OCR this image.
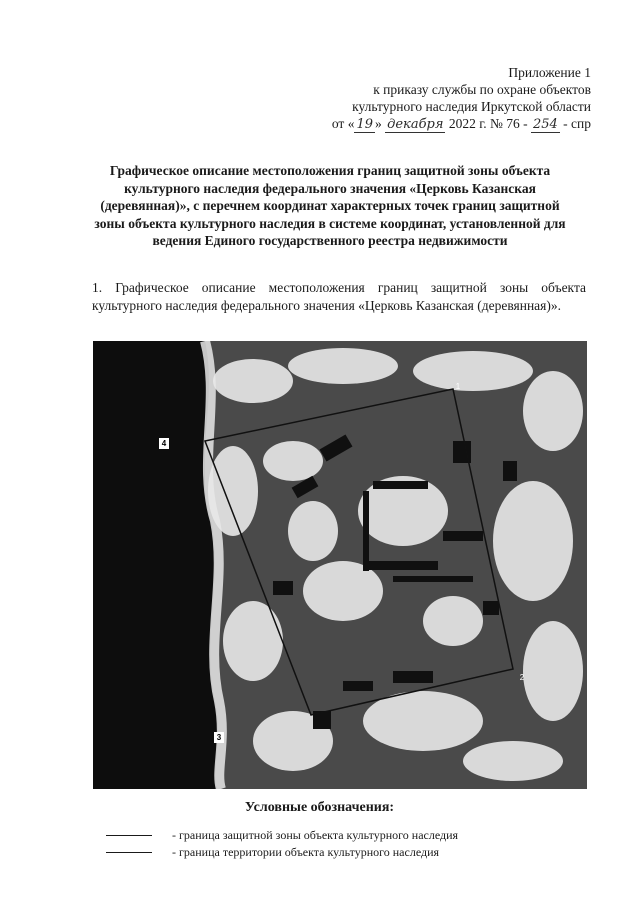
Приложение 1
к приказу службы по охране объектов
культурного наследия Иркутской области
от « 19 » декабря 2022 г. № 76 - 254 - спр

Графическое описание местоположения границ защитной зоны объекта культурного наследия федерального значения «Церковь Казанская (деревянная)», с перечнем координат характерных точек границ защитной зоны объекта культурного наследия в системе координат, установленной для ведения Единого государственного реестра недвижимости

1. Графическое описание местоположения границ защитной зоны объекта культурного наследия федерального значения «Церковь Казанская (деревянная)».

4
1
2
3
Условные обозначения:
- граница защитной зоны объекта культурного наследия
- граница территории объекта культурного наследия
